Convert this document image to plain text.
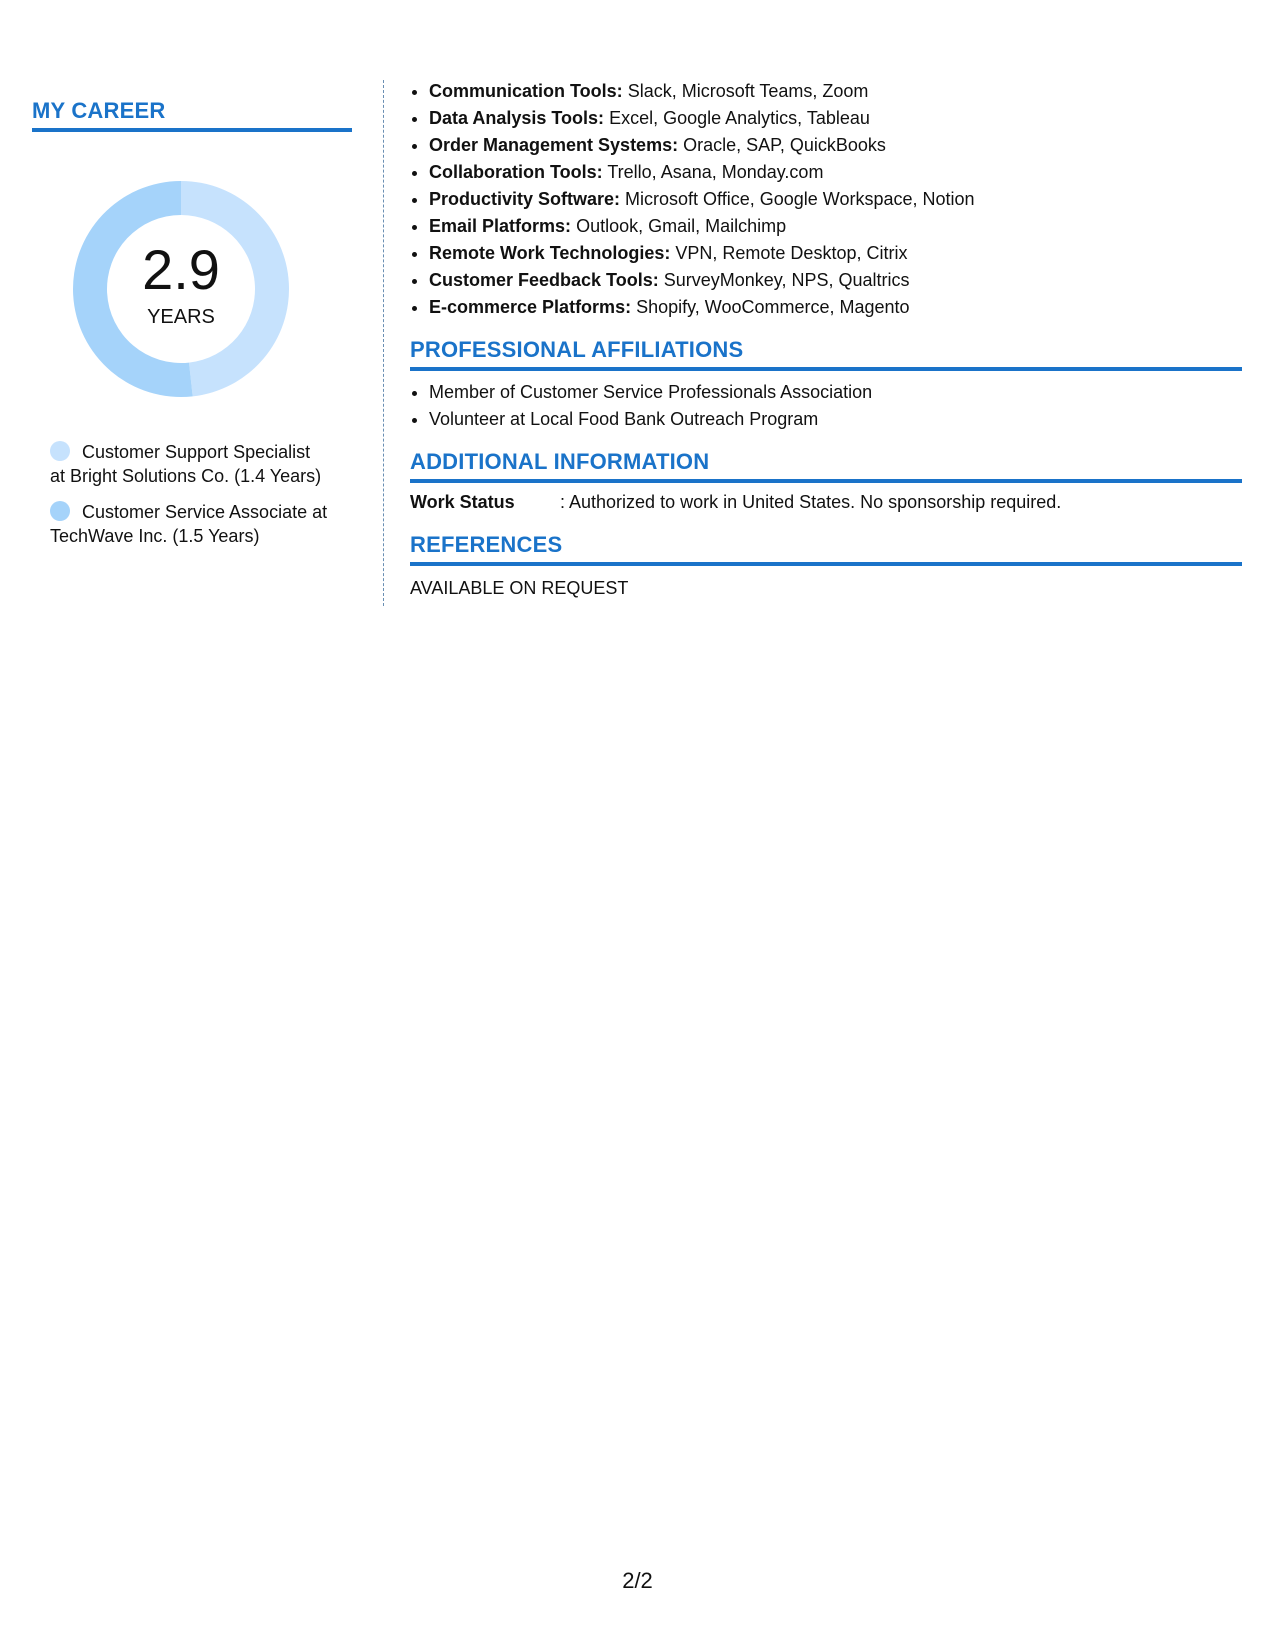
MY CAREER
2.9
YEARS
Customer Support Specialist at Bright Solutions Co. (1.4 Years)
Customer Service Associate at TechWave Inc. (1.5 Years)
• Communication Tools: Slack, Microsoft Teams, Zoom
• Data Analysis Tools: Excel, Google Analytics, Tableau
• Order Management Systems: Oracle, SAP, QuickBooks
• Collaboration Tools: Trello, Asana, Monday.com
• Productivity Software: Microsoft Office, Google Workspace, Notion
• Email Platforms: Outlook, Gmail, Mailchimp
• Remote Work Technologies: VPN, Remote Desktop, Citrix
• Customer Feedback Tools: SurveyMonkey, NPS, Qualtrics
• E-commerce Platforms: Shopify, WooCommerce, Magento
PROFESSIONAL AFFILIATIONS
• Member of Customer Service Professionals Association
• Volunteer at Local Food Bank Outreach Program
ADDITIONAL INFORMATION
Work Status	: Authorized to work in United States. No sponsorship required.
REFERENCES
AVAILABLE ON REQUEST
2/2
